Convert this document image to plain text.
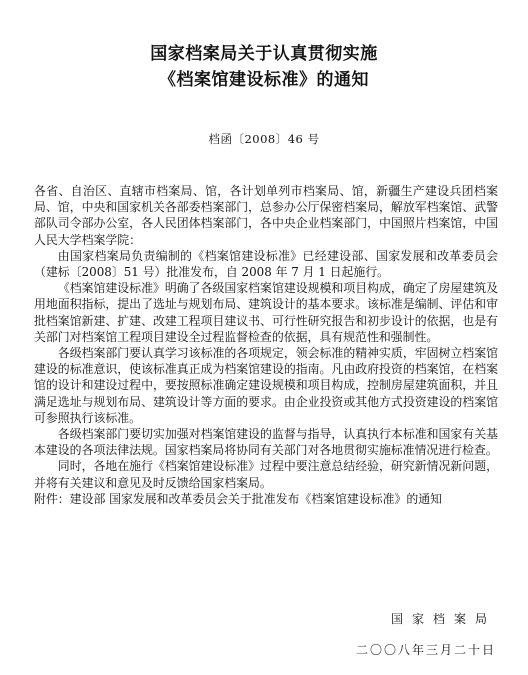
国家档案局关于认真贯彻实施
《档案馆建设标准》的通知
档函〔2008〕46 号

各省、自治区、直辖市档案局、馆，各计划单列市档案局、馆，新疆生产建设兵团档案局、馆，中央和国家机关各部委档案部门，总参办公厅保密档案局，解放军档案馆、武警部队司令部办公室，各人民团体档案部门，各中央企业档案部门，中国照片档案馆，中国人民大学档案学院：

由国家档案局负责编制的《档案馆建设标准》已经建设部、国家发展和改革委员会（建标〔2008〕51 号）批准发布，自 2008 年 7 月 1 日起施行。

《档案馆建设标准》明确了各级国家档案馆建设规模和项目构成，确定了房屋建筑及用地面积指标，提出了选址与规划布局、建筑设计的基本要求。该标准是编制、评估和审批档案馆新建、扩建、改建工程项目建议书、可行性研究报告和初步设计的依据，也是有关部门对档案馆工程项目建设全过程监督检查的依据，具有规范性和强制性。

各级档案部门要认真学习该标准的各项规定，领会标准的精神实质，牢固树立档案馆建设的标准意识，使该标准真正成为档案馆建设的指南。凡由政府投资的档案馆，在档案馆的设计和建设过程中，要按照标准确定建设规模和项目构成，控制房屋建筑面积，并且满足选址与规划布局、建筑设计等方面的要求。由企业投资或其他方式投资建设的档案馆可参照执行该标准。

各级档案部门要切实加强对档案馆建设的监督与指导，认真执行本标准和国家有关基本建设的各项法律法规。国家档案局将协同有关部门对各地贯彻实施标准情况进行检查。

同时，各地在施行《档案馆建设标准》过程中要注意总结经验，研究新情况新问题，并将有关建议和意见及时反馈给国家档案局。

附件：建设部 国家发展和改革委员会关于批准发布《档案馆建设标准》的通知

国家档案局
二〇〇八年三月二十日
